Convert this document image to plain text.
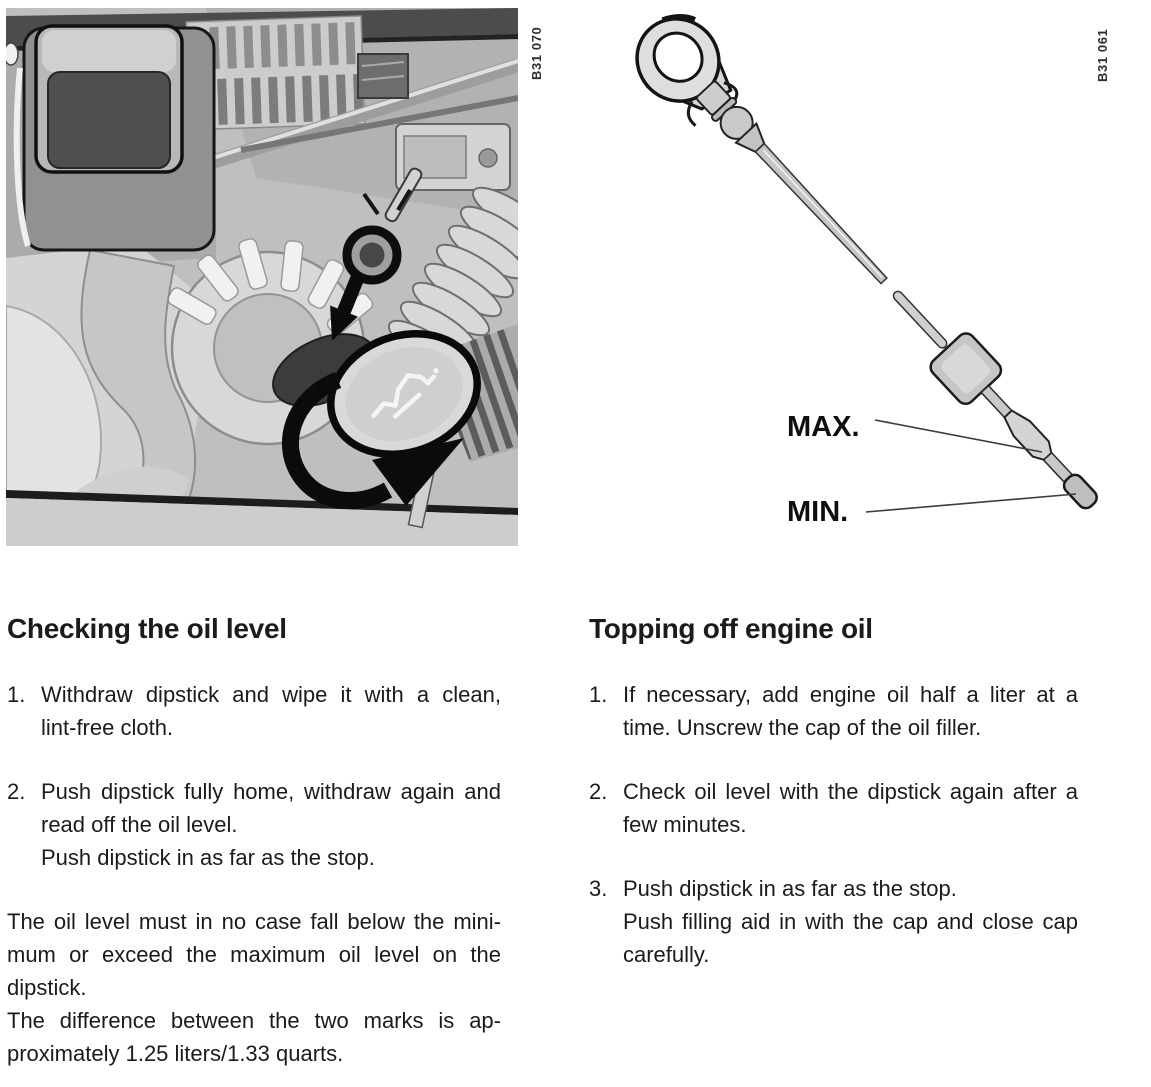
MAX.
MIN.
B31 070	B31 061
Checking the oil level
1. Withdraw dipstick and wipe it with a clean,
lint-free cloth.
2. Push dipstick fully home, withdraw again and
read off the oil level.
Push dipstick in as far as the stop.
The oil level must in no case fall below the mini-
mum or exceed the maximum oil level on the
dipstick.
The difference between the two marks is ap-
proximately 1.25 liters/1.33 quarts.
Topping off engine oil
1. If necessary, add engine oil half a liter at a
time. Unscrew the cap of the oil filler.
2. Check oil level with the dipstick again after a
few minutes.
3. Push dipstick in as far as the stop.
Push filling aid in with the cap and close cap
carefully.
